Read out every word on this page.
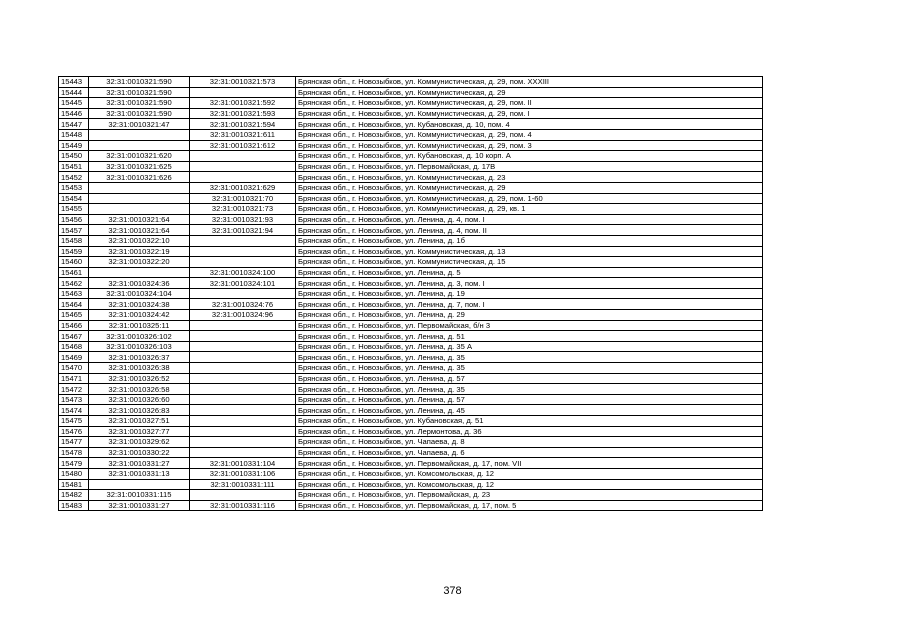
15443	32:31:0010321:590	32:31:0010321:573	Брянская обл., г. Новозыбков, ул. Коммунистическая, д. 29, пом. XXXIII
15444	32:31:0010321:590		Брянская обл., г. Новозыбков, ул. Коммунистическая, д. 29
15445	32:31:0010321:590	32:31:0010321:592	Брянская обл., г. Новозыбков, ул. Коммунистическая, д. 29, пом. II
15446	32:31:0010321:590	32:31:0010321:593	Брянская обл., г. Новозыбков, ул. Коммунистическая, д. 29, пом. I
15447	32:31:0010321:47	32:31:0010321:594	Брянская обл., г. Новозыбков, ул. Кубановская, д. 10, пом. 4
15448		32:31:0010321:611	Брянская обл., г. Новозыбков, ул. Коммунистическая, д. 29, пом. 4
15449		32:31:0010321:612	Брянская обл., г. Новозыбков, ул. Коммунистическая, д. 29, пом. 3
15450	32:31:0010321:620		Брянская обл., г. Новозыбков, ул. Кубановская, д. 10 корп. А
15451	32:31:0010321:625		Брянская обл., г. Новозыбков, ул. Первомайская, д. 17В
15452	32:31:0010321:626		Брянская обл., г. Новозыбков, ул. Коммунистическая, д. 23
15453		32:31:0010321:629	Брянская обл., г. Новозыбков, ул. Коммунистическая, д. 29
15454		32:31:0010321:70	Брянская обл., г. Новозыбков, ул. Коммунистическая, д. 29, пом. 1-60
15455		32:31:0010321:73	Брянская обл., г. Новозыбков, ул. Коммунистическая, д. 29, кв. 1
15456	32:31:0010321:64	32:31:0010321:93	Брянская обл., г. Новозыбков, ул. Ленина, д. 4, пом. I
15457	32:31:0010321:64	32:31:0010321:94	Брянская обл., г. Новозыбков, ул. Ленина, д. 4, пом. II
15458	32:31:0010322:10		Брянская обл., г. Новозыбков, ул. Ленина, д. 1б
15459	32:31:0010322:19		Брянская обл., г. Новозыбков, ул. Коммунистическая, д. 13
15460	32:31:0010322:20		Брянская обл., г. Новозыбков, ул. Коммунистическая, д. 15
15461		32:31:0010324:100	Брянская обл., г. Новозыбков, ул. Ленина, д. 5
15462	32:31:0010324:36	32:31:0010324:101	Брянская обл., г. Новозыбков, ул. Ленина, д. 3, пом. I
15463	32:31:0010324:104		Брянская обл., г. Новозыбков, ул. Ленина, д. 19
15464	32:31:0010324:38	32:31:0010324:76	Брянская обл., г. Новозыбков, ул. Ленина, д. 7, пом. I
15465	32:31:0010324:42	32:31:0010324:96	Брянская обл., г. Новозыбков, ул. Ленина, д. 29
15466	32:31:0010325:11		Брянская обл., г. Новозыбков, ул. Первомайская, б/н 3
15467	32:31:0010326:102		Брянская обл., г. Новозыбков, ул. Ленина, д. 51
15468	32:31:0010326:103		Брянская обл., г. Новозыбков, ул. Ленина, д. 35 А
15469	32:31:0010326:37		Брянская обл., г. Новозыбков, ул. Ленина, д. 35
15470	32:31:0010326:38		Брянская обл., г. Новозыбков, ул. Ленина, д. 35
15471	32:31:0010326:52		Брянская обл., г. Новозыбков, ул. Ленина, д. 57
15472	32:31:0010326:58		Брянская обл., г. Новозыбков, ул. Ленина, д. 35
15473	32:31:0010326:60		Брянская обл., г. Новозыбков, ул. Ленина, д. 57
15474	32:31:0010326:83		Брянская обл., г. Новозыбков, ул. Ленина, д. 45
15475	32:31:0010327:51		Брянская обл., г. Новозыбков, ул. Кубановская, д. 51
15476	32:31:0010327:77		Брянская обл., г. Новозыбков, ул. Лермонтова, д. 36
15477	32:31:0010329:62		Брянская обл., г. Новозыбков, ул. Чапаева, д. 8
15478	32:31:0010330:22		Брянская обл., г. Новозыбков, ул. Чапаева, д. 6
15479	32:31:0010331:27	32:31:0010331:104	Брянская обл., г. Новозыбков, ул. Первомайская, д. 17, пом. VII
15480	32:31:0010331:13	32:31:0010331:106	Брянская обл., г. Новозыбков, ул. Комсомольская, д. 12
15481		32:31:0010331:111	Брянская обл., г. Новозыбков, ул. Комсомольская, д. 12
15482	32:31:0010331:115		Брянская обл., г. Новозыбков, ул. Первомайская, д. 23
15483	32:31:0010331:27	32:31:0010331:116	Брянская обл., г. Новозыбков, ул. Первомайская, д. 17, пом. 5
378
